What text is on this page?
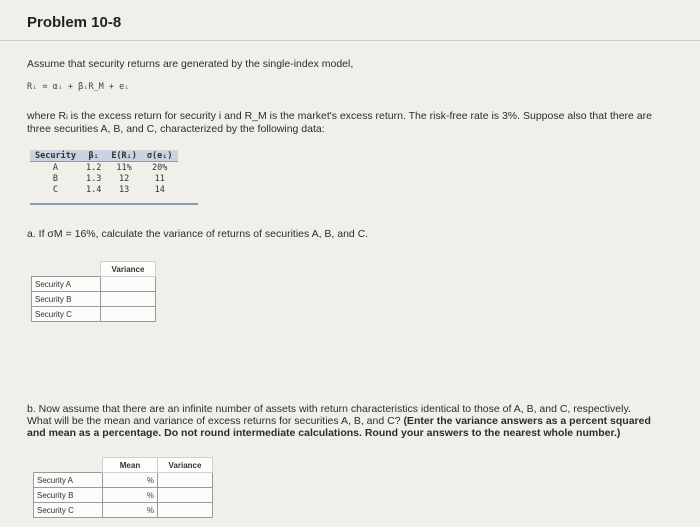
Problem 10-8
Assume that security returns are generated by the single-index model,
Rᵢ = αᵢ + βᵢR_M + eᵢ
where Rᵢ is the excess return for security i and R_M is the market's excess return. The risk-free rate is 3%. Suppose also that there are
three securities A, B, and C, characterized by the following data:
Security	βᵢ	E(Rᵢ)	σ(eᵢ)
A	1.2	11%	20%
B	1.3	12	11
C	1.4	13	14
a. If σM = 16%, calculate the variance of returns of securities A, B, and C.
	Variance
Security A	
Security B	
Security C	
b. Now assume that there are an infinite number of assets with return characteristics identical to those of A, B, and C, respectively.
What will be the mean and variance of excess returns for securities A, B, and C? (Enter the variance answers as a percent squared
and mean as a percentage. Do not round intermediate calculations. Round your answers to the nearest whole number.)
	Mean	Variance
Security A	%	
Security B	%	
Security C	%	
